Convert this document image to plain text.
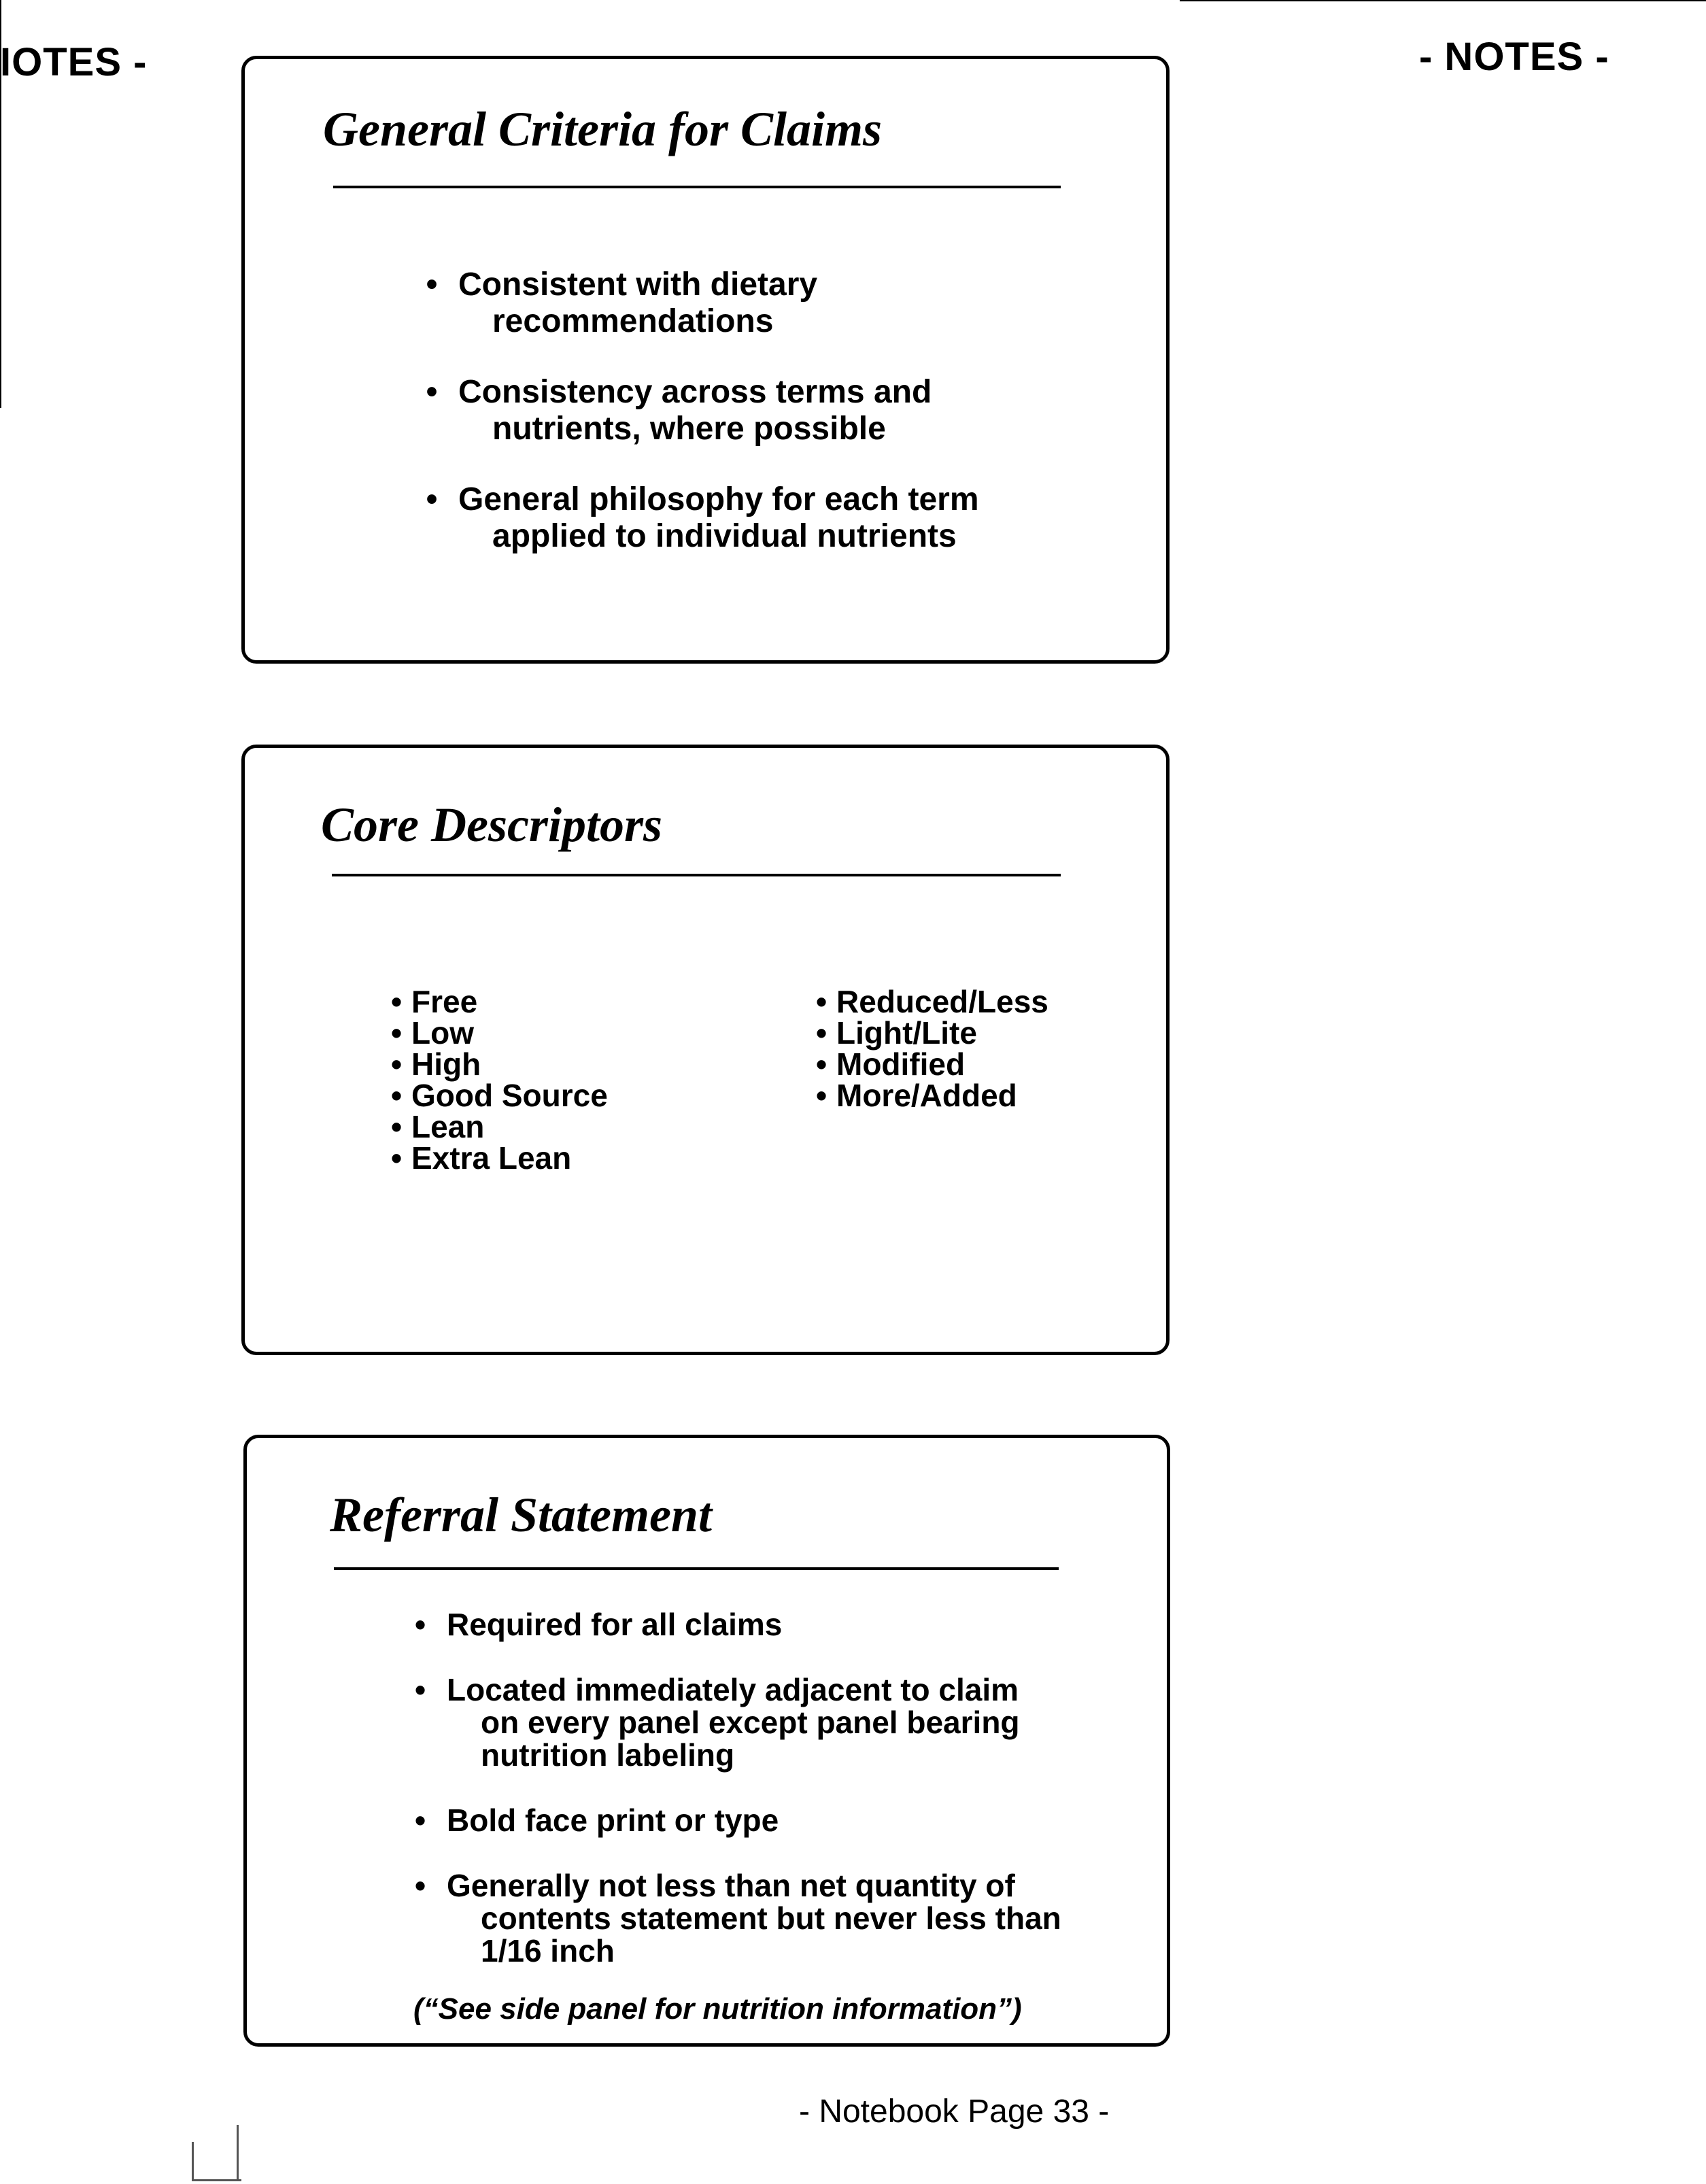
IOTES -	- NOTES -
General Criteria for Claims
• Consistent with dietary
recommendations
• Consistency across terms and
nutrients, where possible
• General philosophy for each term
applied to individual nutrients
Core Descriptors
• Free
• Low
• High
• Good Source
• Lean
• Extra Lean
• Reduced/Less
• Light/Lite
• Modified
• More/Added
Referral Statement
• Required for all claims
• Located immediately adjacent to claim
on every panel except panel bearing
nutrition labeling
• Bold face print or type
• Generally not less than net quantity of
contents statement but never less than
1/16 inch
(“See side panel for nutrition information”)
- Notebook Page 33 -
